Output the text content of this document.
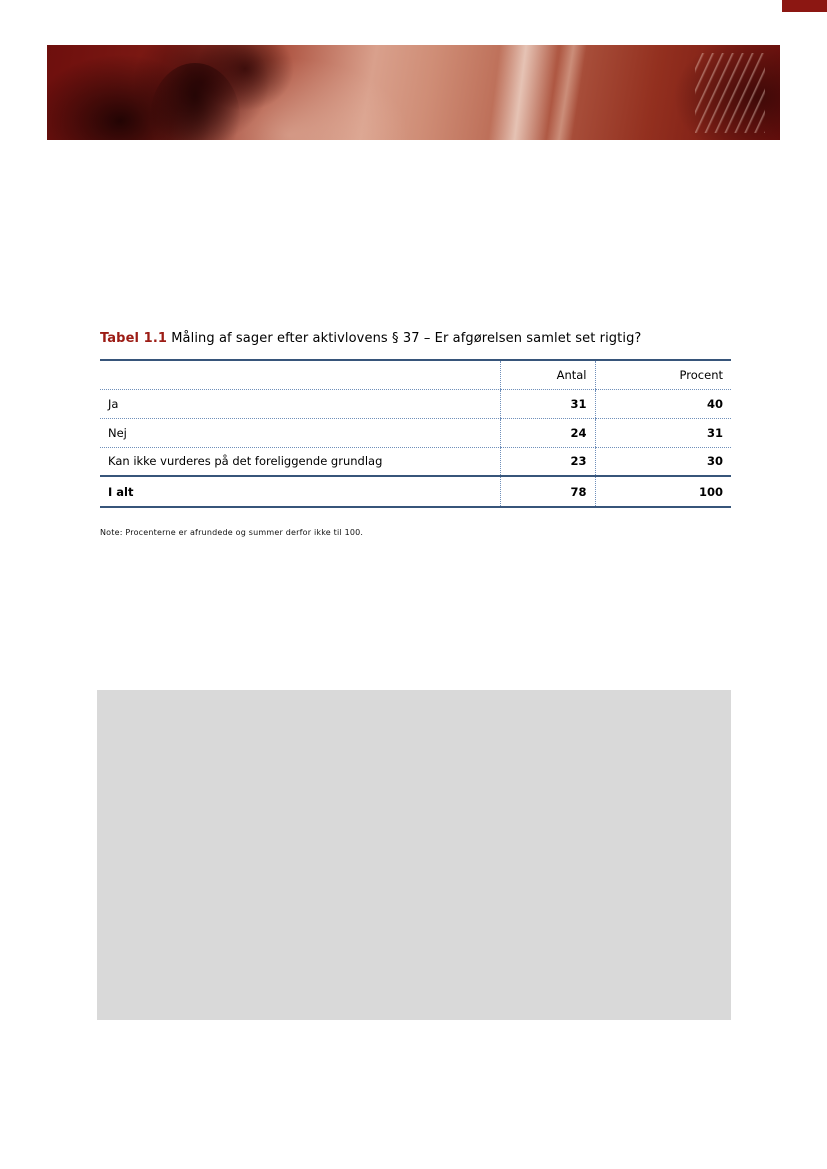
Tabel 1.1 Måling af sager efter aktivlovens § 37 – Er afgørelsen samlet set rigtig?
	Antal	Procent
Ja	31	40
Nej	24	31
Kan ikke vurderes på det foreliggende grundlag	23	30
I alt	78	100
Note: Procenterne er afrundede og summer derfor ikke til 100.
